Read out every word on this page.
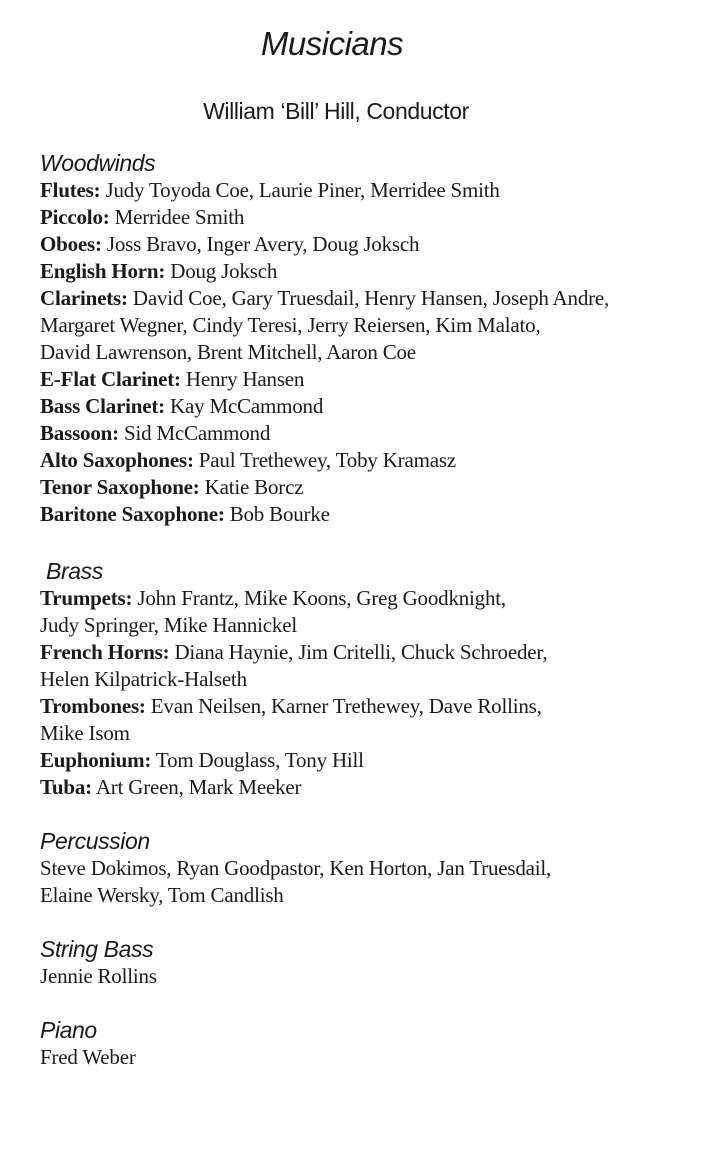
Musicians

William ‘Bill’ Hill, Conductor

Woodwinds

Flutes: Judy Toyoda Coe, Laurie Piner, Merridee Smith

Piccolo: Merridee Smith

Oboes: Joss Bravo, Inger Avery, Doug Joksch

English Horn: Doug Joksch

Clarinets: David Coe, Gary Truesdail, Henry Hansen, Joseph Andre,

Margaret Wegner, Cindy Teresi, Jerry Reiersen, Kim Malato,

David Lawrenson, Brent Mitchell, Aaron Coe

E-Flat Clarinet: Henry Hansen

Bass Clarinet: Kay McCammond

Bassoon: Sid McCammond

Alto Saxophones: Paul Trethewey, Toby Kramasz

Tenor Saxophone: Katie Borcz

Baritone Saxophone: Bob Bourke

Brass

Trumpets: John Frantz, Mike Koons, Greg Goodknight,

Judy Springer, Mike Hannickel

French Horns: Diana Haynie, Jim Critelli, Chuck Schroeder,

Helen Kilpatrick-Halseth

Trombones: Evan Neilsen, Karner Trethewey, Dave Rollins,

Mike Isom

Euphonium: Tom Douglass, Tony Hill

Tuba: Art Green, Mark Meeker

Percussion

Steve Dokimos, Ryan Goodpastor, Ken Horton, Jan Truesdail,

Elaine Wersky, Tom Candlish

String Bass

Jennie Rollins

Piano

Fred Weber
